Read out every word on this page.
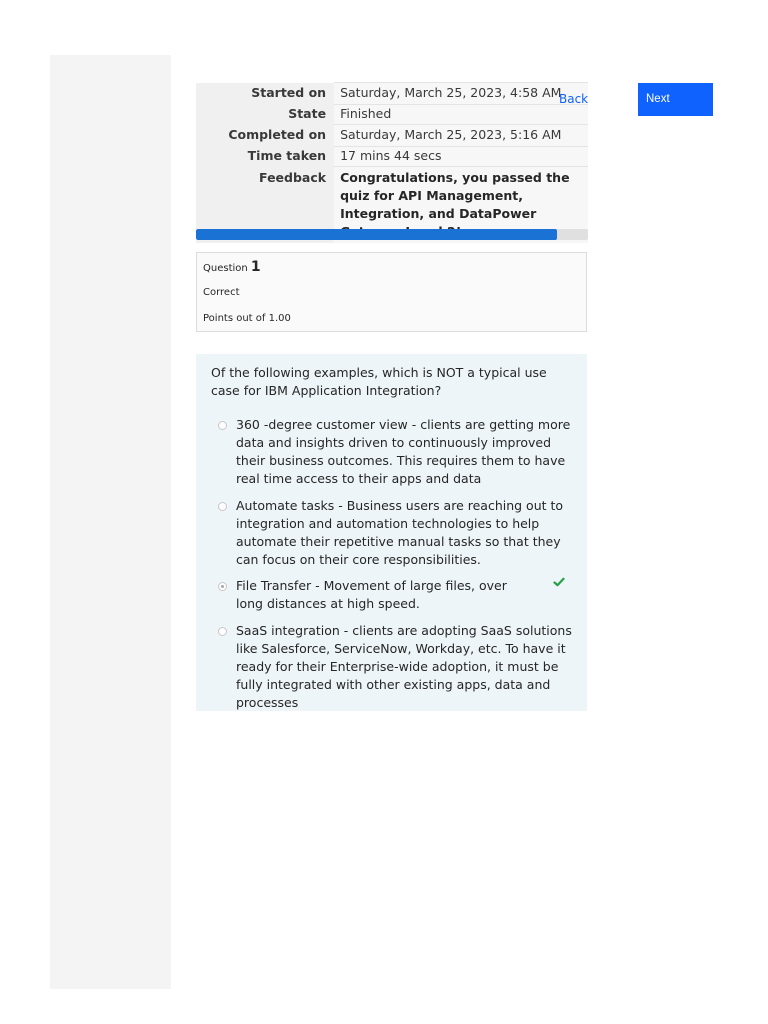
Started on	Saturday, March 25, 2023, 4:58 AM
State	Finished
Completed on	Saturday, March 25, 2023, 5:16 AM
Time taken	17 mins 44 secs
Feedback	Congratulations, you passed the quiz for API Management, Integration, and DataPower
Back	Next
Question 1
Correct
Points out of 1.00
Of the following examples, which is NOT a typical use case for IBM Application Integration?
360 -degree customer view - clients are getting more data and insights driven to continuously improved their business outcomes. This requires them to have real time access to their apps and data
Automate tasks - Business users are reaching out to integration and automation technologies to help automate their repetitive manual tasks so that they can focus on their core responsibilities.
File Transfer - Movement of large files, over long distances at high speed.
SaaS integration - clients are adopting SaaS solutions like Salesforce, ServiceNow, Workday, etc. To have it ready for their Enterprise-wide adoption, it must be fully integrated with other existing apps, data and processes
